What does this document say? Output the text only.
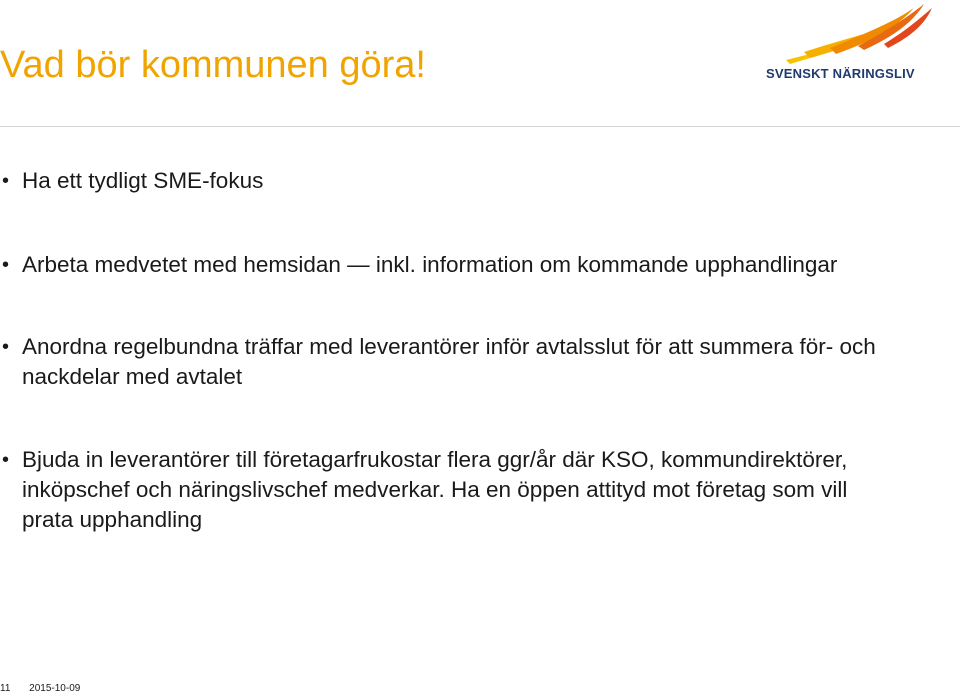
Vad bör kommunen göra!	SVENSKT NÄRINGSLIV
• Ha ett tydligt SME-fokus
• Arbeta medvetet med hemsidan — inkl. information om kommande upphandlingar
• Anordna regelbundna träffar med leverantörer inför avtalsslut för att summera för- och nackdelar med avtalet
• Bjuda in leverantörer till företagarfrukostar flera ggr/år där KSO, kommundirektörer, inköpschef och näringslivschef medverkar. Ha en öppen attityd mot företag som vill prata upphandling
11 2015-10-09
